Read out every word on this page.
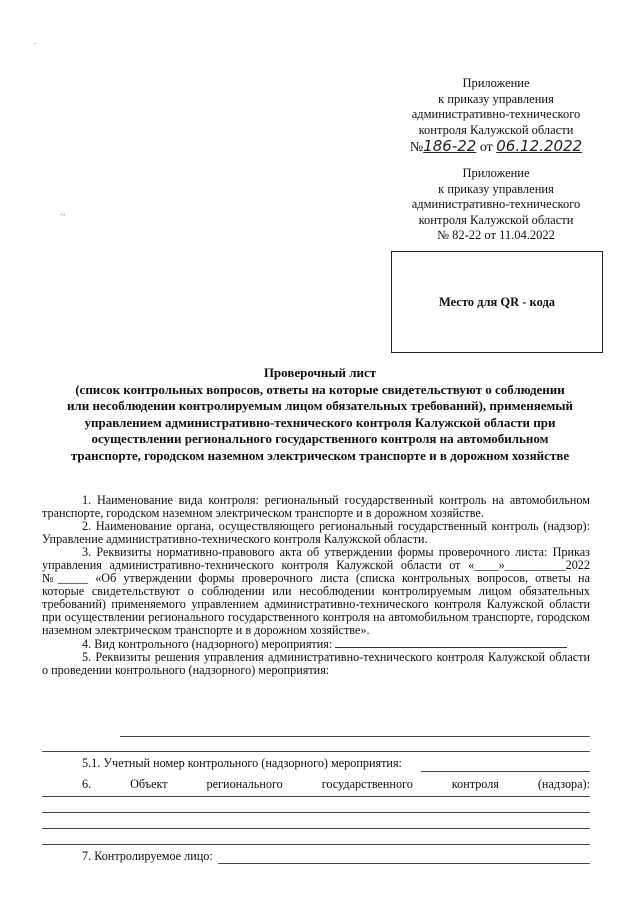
.
~
Приложение
к приказу управления
административно-технического
контроля Калужской области
№186-22 от 06.12.2022
Приложение
к приказу управления
административно-технического
контроля Калужской области
№ 82-22 от 11.04.2022
Место для QR - кода
Проверочный лист
(список контрольных вопросов, ответы на которые свидетельствуют о соблюдении
или несоблюдении контролируемым лицом обязательных требований), применяемый
управлением административно-технического контроля Калужской области при
осуществлении регионального государственного контроля на автомобильном
транспорте, городском наземном электрическом транспорте и в дорожном хозяйстве

1. Наименование вида контроля: региональный государственный контроль на автомобильном транспорте, городском наземном электрическом транспорте и в дорожном хозяйстве.

2. Наименование органа, осуществляющего региональный государственный контроль (надзор): Управление административно-технического контроля Калужской области.

3. Реквизиты нормативно-правового акта об утверждении формы проверочного листа: Приказ управления административно-технического контроля Калужской области от «____»__________2022 №_____ «Об утверждении формы проверочного листа (списка контрольных вопросов, ответы на которые свидетельствуют о соблюдении или несоблюдении контролируемым лицом обязательных требований) применяемого управлением административно-технического контроля Калужской области при осуществлении регионального государственного контроля на автомобильном транспорте, городском наземном электрическом транспорте и в дорожном хозяйстве».

4. Вид контрольного (надзорного) мероприятия:

5. Реквизиты решения управления административно-технического контроля Калужской области о проведении контрольного (надзорного) мероприятия:

5.1. Учетный номер контрольного (надзорного) мероприятия:
6. Объект регионального государственного контроля (надзора):
7. Контролируемое лицо:
